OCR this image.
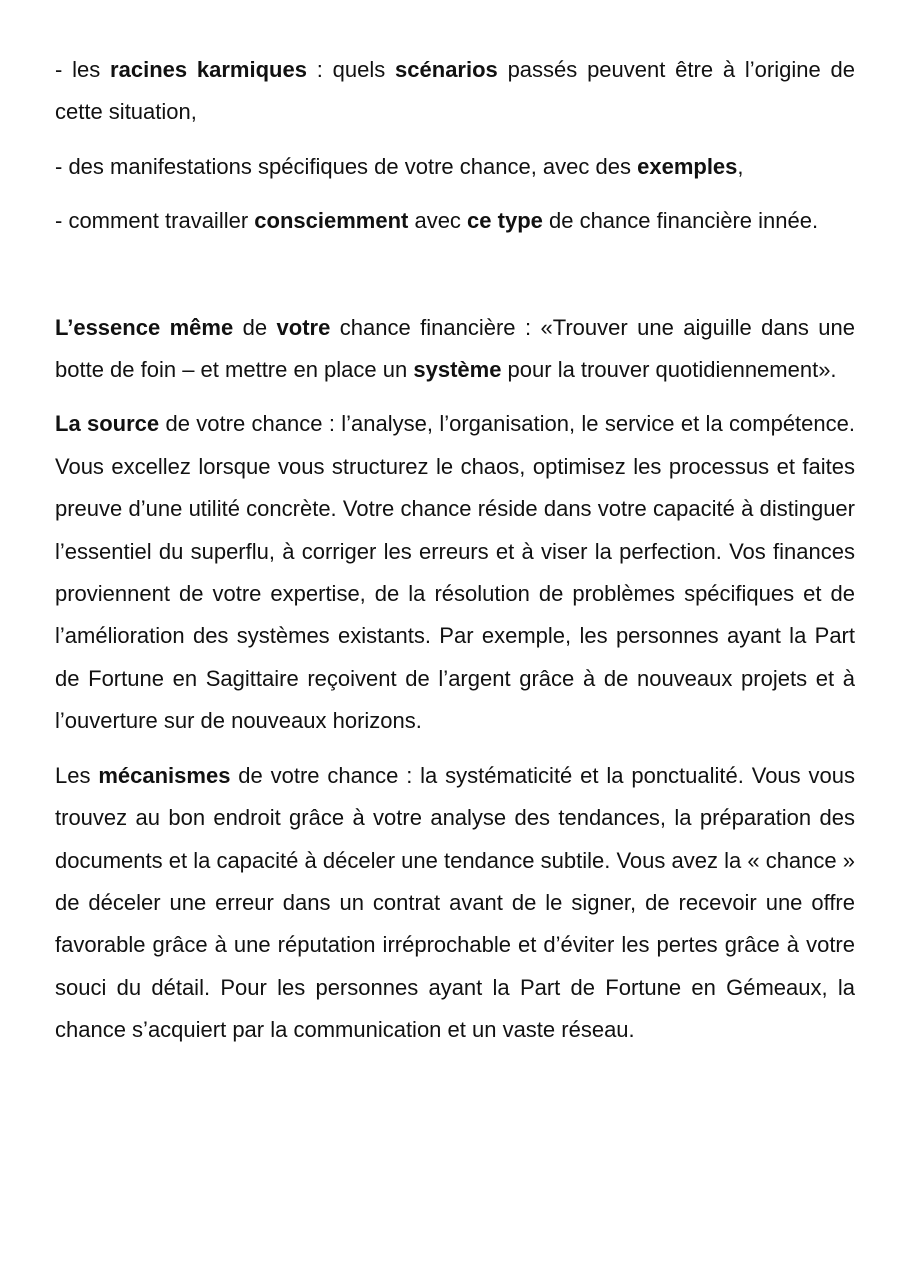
- les racines karmiques : quels scénarios passés peuvent être à l’origine de cette situation,

- des manifestations spécifiques de votre chance, avec des exemples,

- comment travailler consciemment avec ce type de chance financière innée.

L’essence même de votre chance financière : «Trouver une aiguille dans une botte de foin – et mettre en place un système pour la trouver quotidiennement».

La source de votre chance : l’analyse, l’organisation, le service et la compétence. Vous excellez lorsque vous structurez le chaos, optimisez les processus et faites preuve d’une utilité concrète. Votre chance réside dans votre capacité à distinguer l’essentiel du superflu, à corriger les erreurs et à viser la perfection. Vos finances proviennent de votre expertise, de la résolution de problèmes spécifiques et de l’amélioration des systèmes existants. Par exemple, les personnes ayant la Part de Fortune en Sagittaire reçoivent de l’argent grâce à de nouveaux projets et à l’ouverture sur de nouveaux horizons.

Les mécanismes de votre chance : la systématicité et la ponctualité. Vous vous trouvez au bon endroit grâce à votre analyse des tendances, la préparation des documents et la capacité à déceler une tendance subtile. Vous avez la « chance » de déceler une erreur dans un contrat avant de le signer, de recevoir une offre favorable grâce à une réputation irréprochable et d’éviter les pertes grâce à votre souci du détail. Pour les personnes ayant la Part de Fortune en Gémeaux, la chance s’acquiert par la communication et un vaste réseau.
